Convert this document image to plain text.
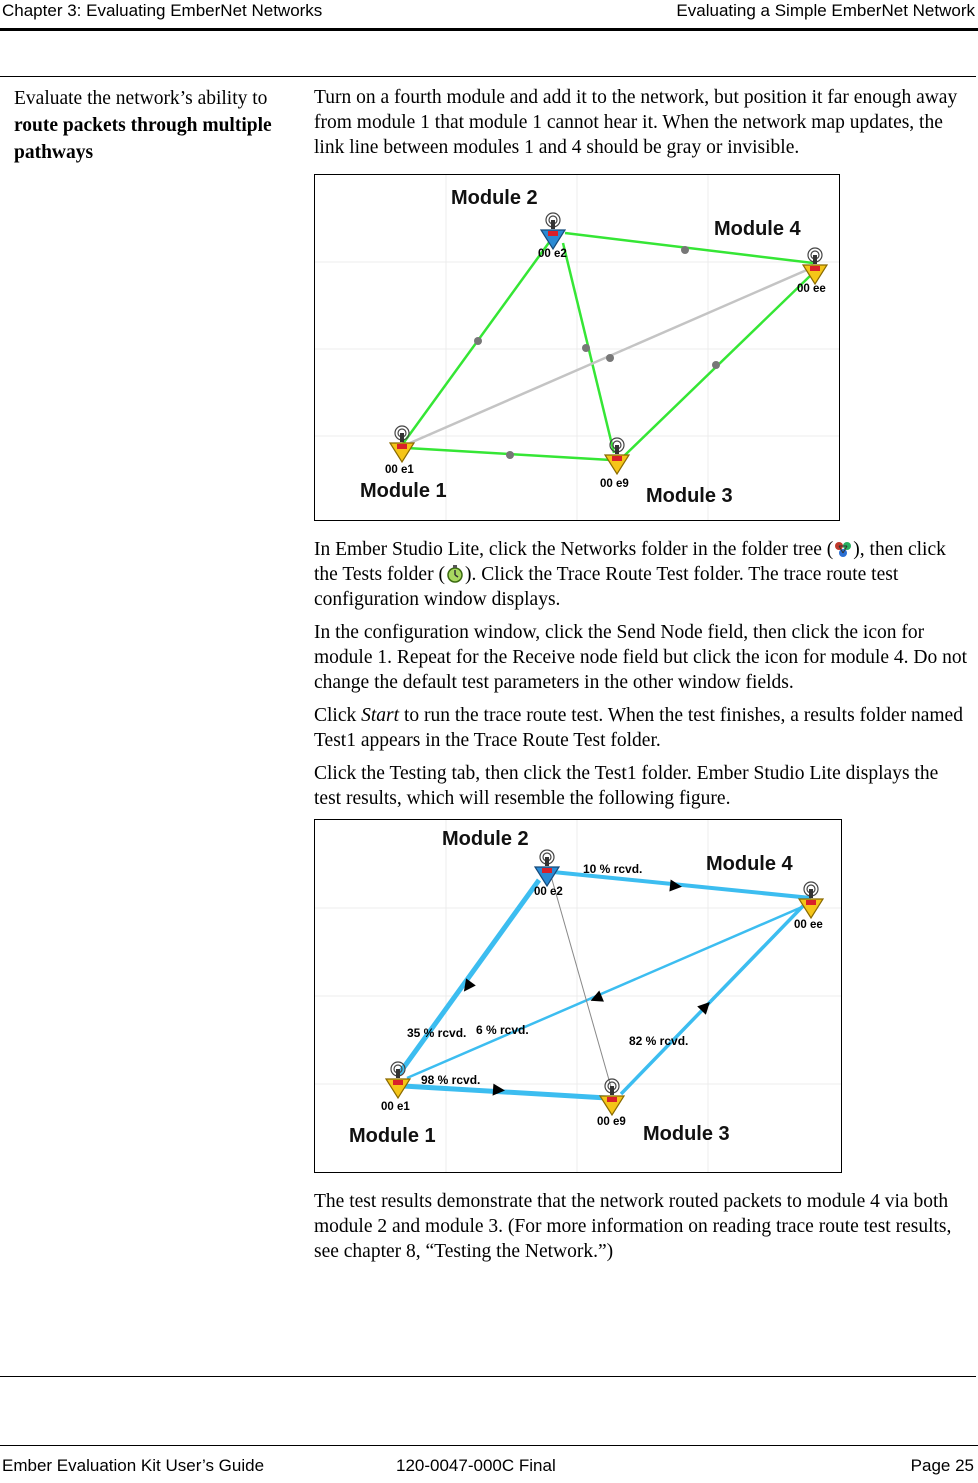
Chapter 3: Evaluating EmberNet Networks	Evaluating a Simple EmberNet Network
Evaluate the network’s ability to route packets through multiple pathways

Turn on a fourth module and add it to the network, but position it far enough away from module 1 that module 1 cannot hear it. When the network map updates, the link line between modules 1 and 4 should be gray or invisible.

00 e1
00 e2
00 e9
00 ee
Module 1
Module 2
Module 3
Module 4

In Ember Studio Lite, click the Networks folder in the folder tree ( ), then click the Tests folder ( ). Click the Trace Route Test folder. The trace route test configuration window displays.

In the configuration window, click the Send Node field, then click the icon for module 1. Repeat for the Receive node field but click the icon for module 4. Do not change the default test parameters in the other window fields.

Click Start to run the trace route test. When the test finishes, a results folder named Test1 appears in the Trace Route Test folder.

Click the Testing tab, then click the Test1 folder. Ember Studio Lite displays the test results, which will resemble the following figure.

00 e1
00 e2
00 e9
00 ee
10 % rcvd.
35 % rcvd. 6 % rcvd.
82 % rcvd.
98 % rcvd.
Module 1
Module 2
Module 3
Module 4

The test results demonstrate that the network routed packets to module 4 via both module 2 and module 3. (For more information on reading trace route test results, see chapter 8, “Testing the Network.”)

Ember Evaluation Kit User’s Guide	120-0047-000C Final	Page 25
